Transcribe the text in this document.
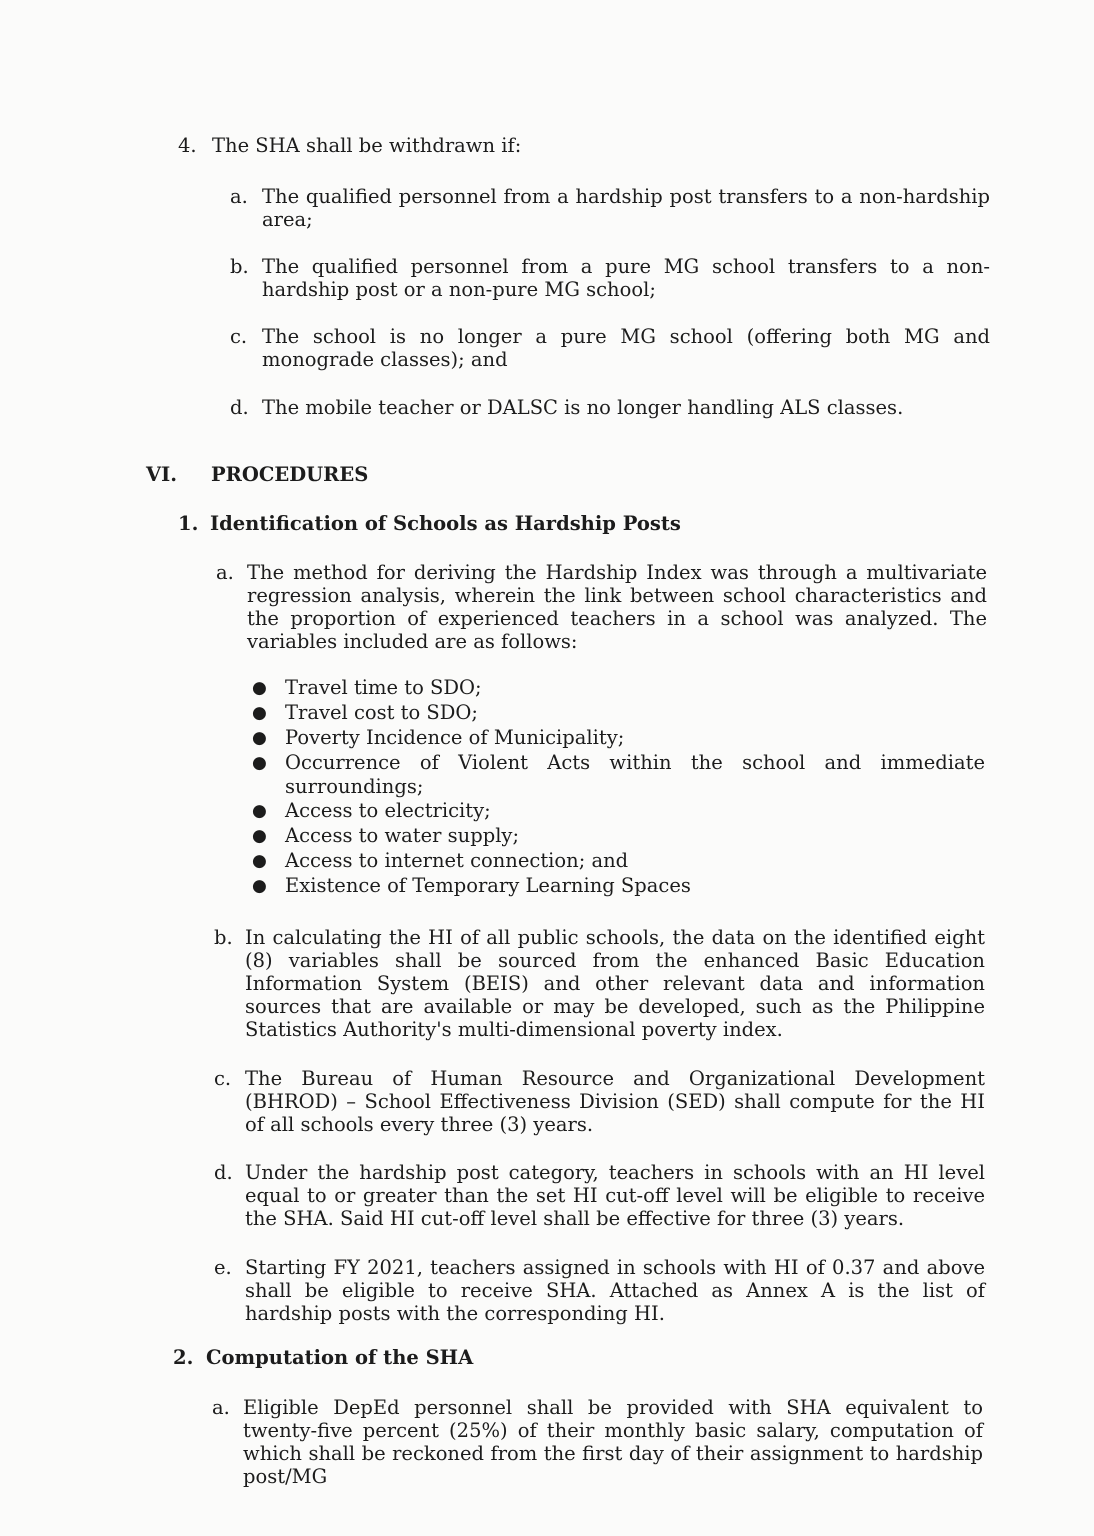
4. The SHA shall be withdrawn if:
a. The qualified personnel from a hardship post transfers to a non-hardship area;
b. The qualified personnel from a pure MG school transfers to a non-hardship post or a non-pure MG school;
c. The school is no longer a pure MG school (offering both MG and monograde classes); and
d. The mobile teacher or DALSC is no longer handling ALS classes.
VI. PROCEDURES
1. Identification of Schools as Hardship Posts
a. The method for deriving the Hardship Index was through a multivariate regression analysis, wherein the link between school characteristics and the proportion of experienced teachers in a school was analyzed. The variables included are as follows:
● Travel time to SDO;
● Travel cost to SDO;
● Poverty Incidence of Municipality;
● Occurrence of Violent Acts within the school and immediate surroundings;
● Access to electricity;
● Access to water supply;
● Access to internet connection; and
● Existence of Temporary Learning Spaces
b. In calculating the HI of all public schools, the data on the identified eight (8) variables shall be sourced from the enhanced Basic Education Information System (BEIS) and other relevant data and information sources that are available or may be developed, such as the Philippine Statistics Authority's multi-dimensional poverty index.
c. The Bureau of Human Resource and Organizational Development (BHROD) – School Effectiveness Division (SED) shall compute for the HI of all schools every three (3) years.
d. Under the hardship post category, teachers in schools with an HI level equal to or greater than the set HI cut-off level will be eligible to receive the SHA. Said HI cut-off level shall be effective for three (3) years.
e. Starting FY 2021, teachers assigned in schools with HI of 0.37 and above shall be eligible to receive SHA. Attached as Annex A is the list of hardship posts with the corresponding HI.
2. Computation of the SHA
a. Eligible DepEd personnel shall be provided with SHA equivalent to twenty-five percent (25%) of their monthly basic salary, computation of which shall be reckoned from the first day of their assignment to hardship post/MG
